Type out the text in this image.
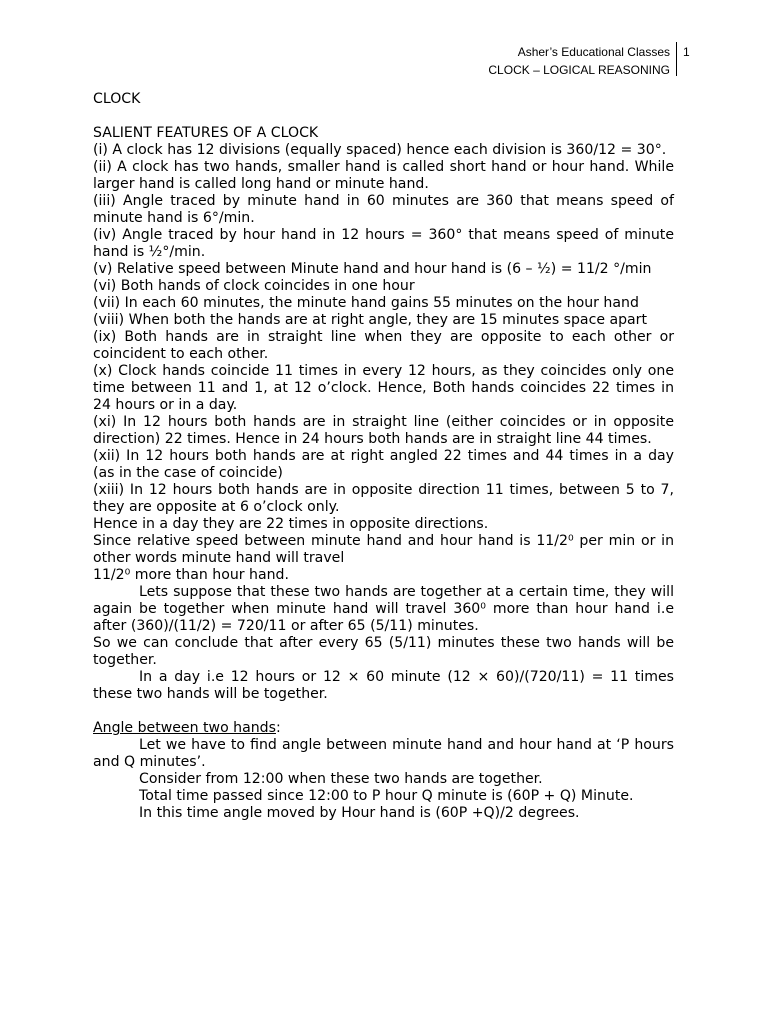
Asher’s Educational Classes
CLOCK – LOGICAL REASONING
1

CLOCK

SALIENT FEATURES OF A CLOCK

(i) A clock has 12 divisions (equally spaced) hence each division is 360/12 = 30°.

(ii) A clock has two hands, smaller hand is called short hand or hour hand. While larger hand is called long hand or minute hand.

(iii) Angle traced by minute hand in 60 minutes are 360 that means speed of minute hand is 6°/min.

(iv) Angle traced by hour hand in 12 hours = 360° that means speed of minute hand is ½°/min.

(v) Relative speed between Minute hand and hour hand is (6 – ½) = 11/2 °/min

(vi) Both hands of clock coincides in one hour

(vii) In each 60 minutes, the minute hand gains 55 minutes on the hour hand

(viii) When both the hands are at right angle, they are 15 minutes space apart

(ix) Both hands are in straight line when they are opposite to each other or coincident to each other.

(x) Clock hands coincide 11 times in every 12 hours, as they coincides only one time between 11 and 1, at 12 o’clock. Hence, Both hands coincides 22 times in 24 hours or in a day.

(xi) In 12 hours both hands are in straight line (either coincides or in opposite direction) 22 times. Hence in 24 hours both hands are in straight line 44 times.

(xii) In 12 hours both hands are at right angled 22 times and 44 times in a day (as in the case of coincide)

(xiii) In 12 hours both hands are in opposite direction 11 times, between 5 to 7, they are opposite at 6 o’clock only.

Hence in a day they are 22 times in opposite directions.

Since relative speed between minute hand and hour hand is 11/2⁰ per min or in other words minute hand will travel

11/2⁰ more than hour hand.

Lets suppose that these two hands are together at a certain time, they will again be together when minute hand will travel 360⁰ more than hour hand i.e after (360)/(11/2) = 720/11 or after 65 (5/11) minutes.

So we can conclude that after every 65 (5/11) minutes these two hands will be together.

In a day i.e 12 hours or 12 × 60 minute (12 × 60)/(720/11) = 11 times these two hands will be together.

Angle between two hands:

Let we have to find angle between minute hand and hour hand at ‘P hours and Q minutes’.

Consider from 12:00 when these two hands are together.

Total time passed since 12:00 to P hour Q minute is (60P + Q) Minute.

In this time angle moved by Hour hand is (60P +Q)/2 degrees.
